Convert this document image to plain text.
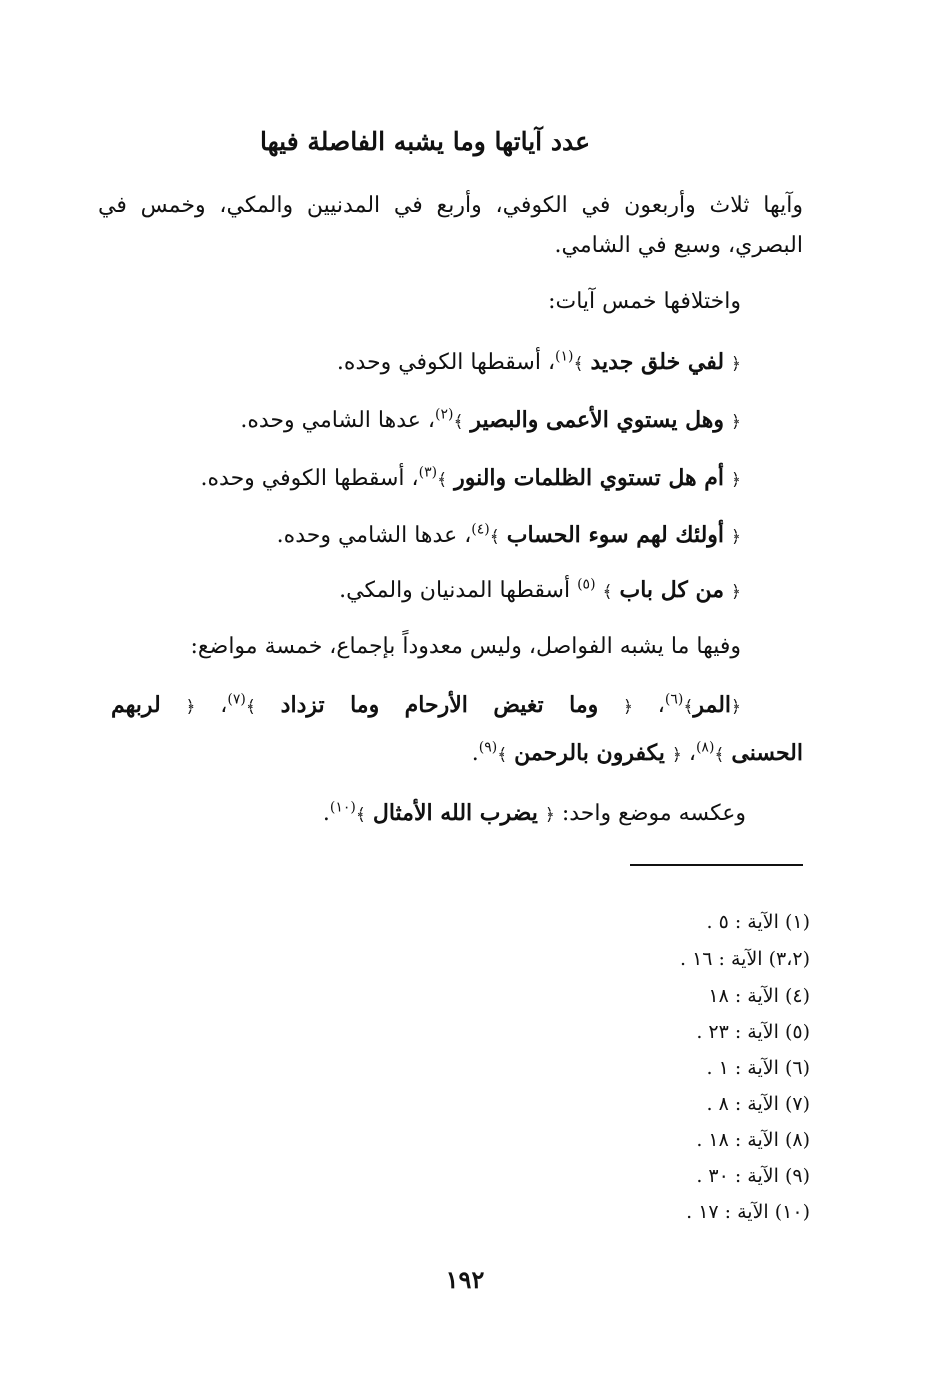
عدد آياتها وما يشبه الفاصلة فيها
وآيها ثلاث وأربعون في الكوفي، وأربع في المدنيين والمكي، وخمس في
البصري، وسبع في الشامي.
واختلافها خمس آيات:
﴿ لفي خلق جديد ﴾$^{(١)}$، أسقطها الكوفي وحده.
﴿ وهل يستوي الأعمى والبصير ﴾$^{(٢)}$، عدها الشامي وحده.
﴿ أم هل تستوي الظلمات والنور ﴾$^{(٣)}$، أسقطها الكوفي وحده.
﴿ أولئك لهم سوء الحساب ﴾$^{(٤)}$، عدها الشامي وحده.
﴿ من كل باب ﴾ $^{(٥)}$ أسقطها المدنيان والمكي.
وفيها ما يشبه الفواصل، وليس معدوداً بإجماع، خمسة مواضع:
﴿المر﴾$^{(٦)}$، ﴿ وما تغيض الأرحام وما تزداد ﴾$^{(٧)}$، ﴿ لربهم
الحسنى ﴾$^{(٨)}$، ﴿ يكفرون بالرحمن ﴾$^{(٩)}$.
وعكسه موضع واحد: ﴿ يضرب الله الأمثال ﴾$^{(١٠)}$.
(١) الآية : ٥ .
(٣،٢) الآية : ١٦ .
(٤) الآية : ١٨
(٥) الآية : ٢٣ .
(٦) الآية : ١ .
(٧) الآية : ٨ .
(٨) الآية : ١٨ .
(٩) الآية : ٣٠ .
(١٠) الآية : ١٧ .
١٩٢
